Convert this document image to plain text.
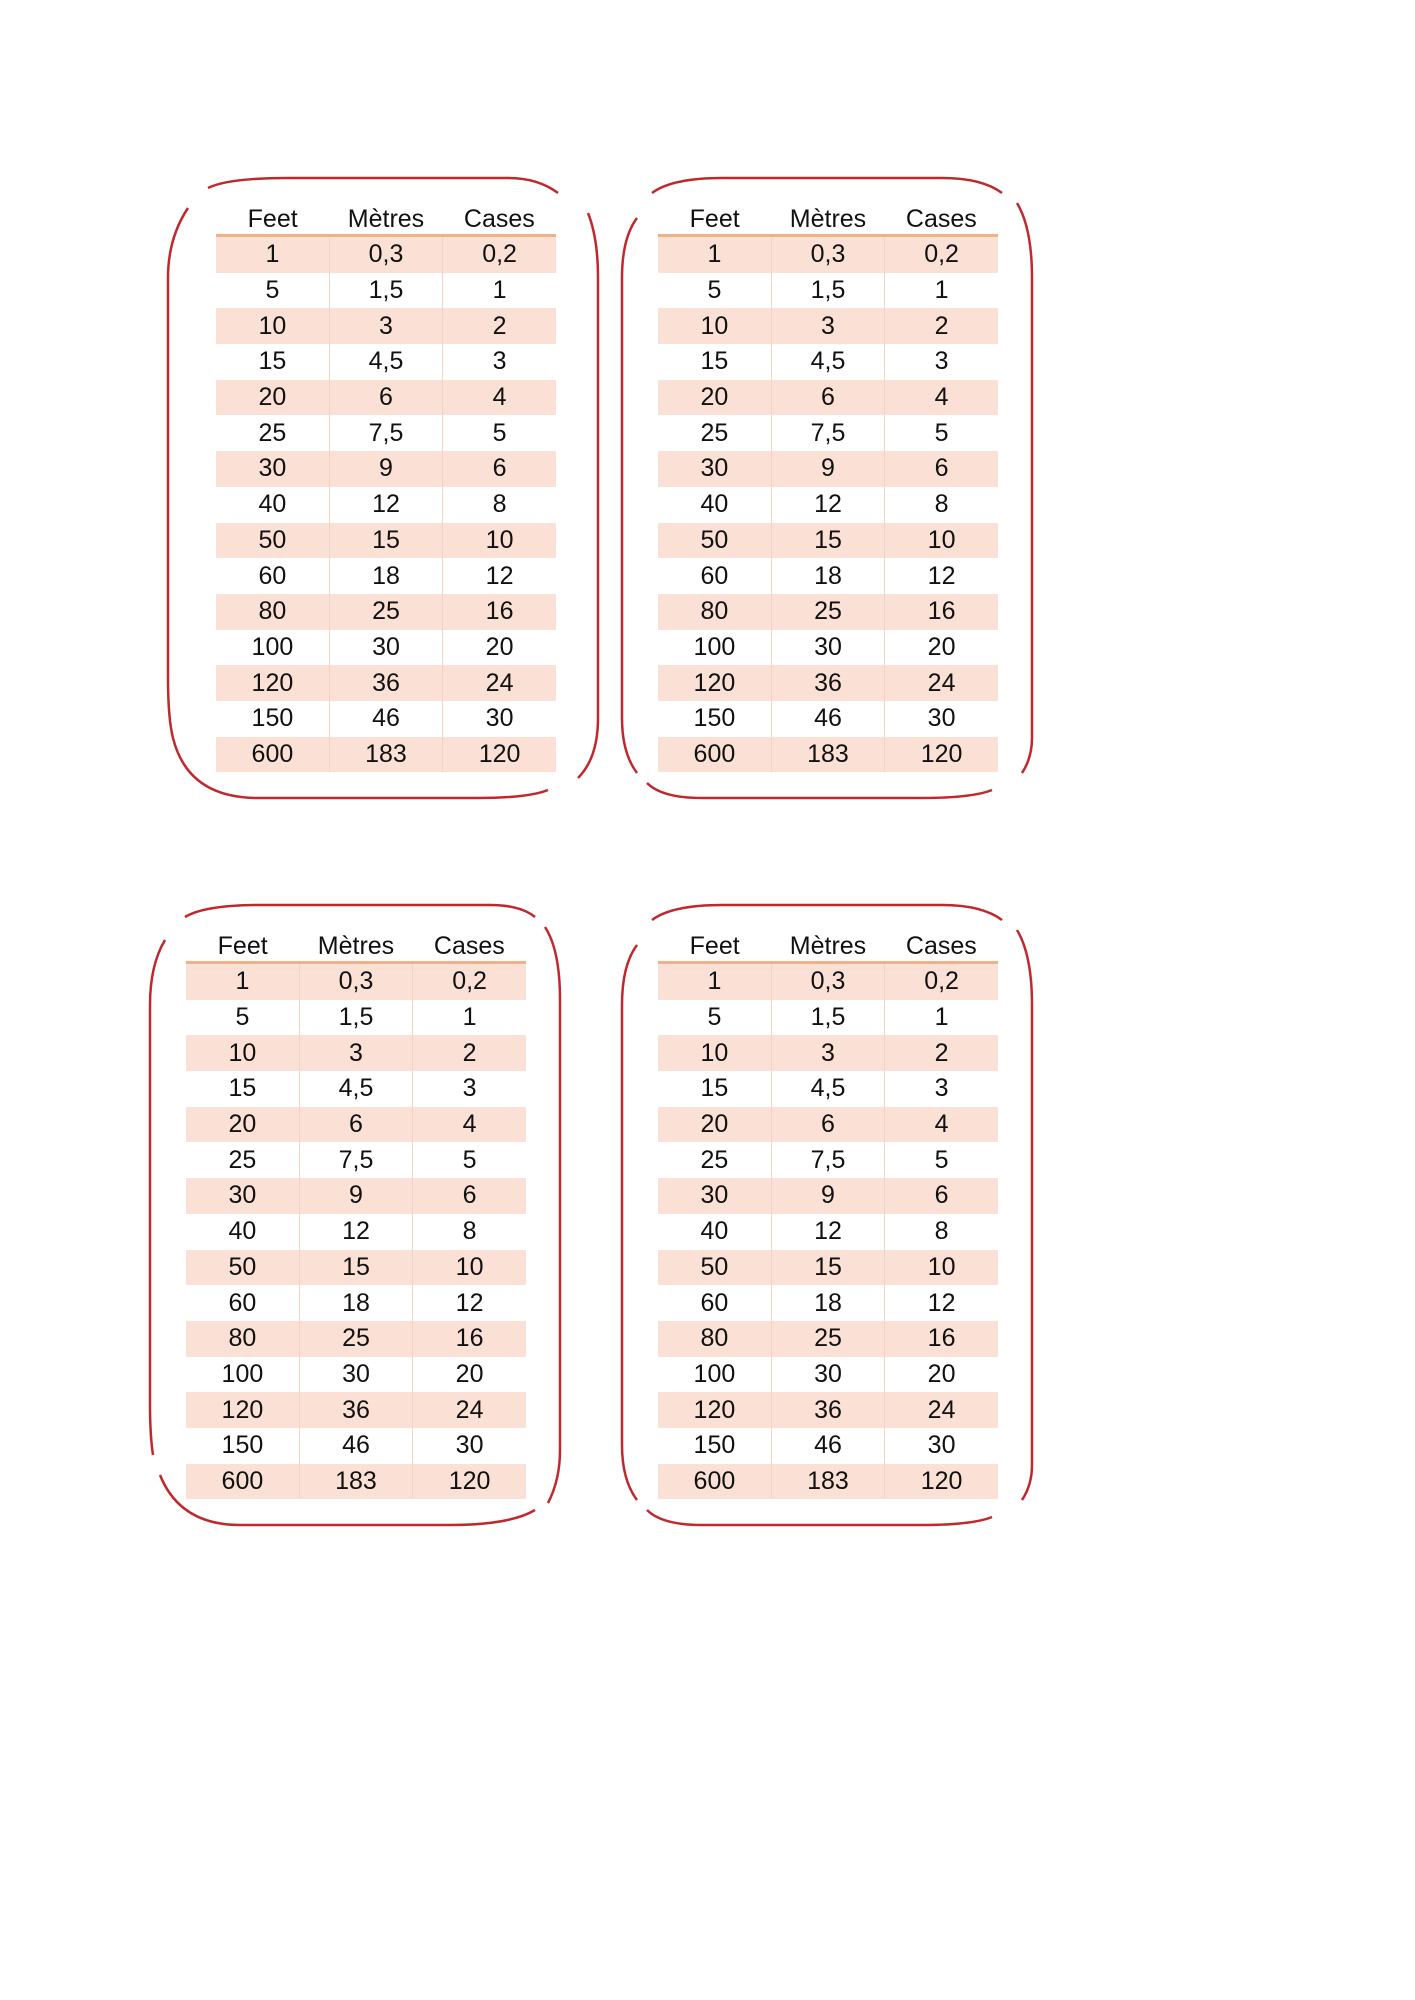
Feet	Mètres	Cases
1	0,3	0,2
5	1,5	1
10	3	2
15	4,5	3
20	6	4
25	7,5	5
30	9	6
40	12	8
50	15	10
60	18	12
80	25	16
100	30	20
120	36	24
150	46	30
600	183	120
Feet	Mètres	Cases
1	0,3	0,2
5	1,5	1
10	3	2
15	4,5	3
20	6	4
25	7,5	5
30	9	6
40	12	8
50	15	10
60	18	12
80	25	16
100	30	20
120	36	24
150	46	30
600	183	120
Feet	Mètres	Cases
1	0,3	0,2
5	1,5	1
10	3	2
15	4,5	3
20	6	4
25	7,5	5
30	9	6
40	12	8
50	15	10
60	18	12
80	25	16
100	30	20
120	36	24
150	46	30
600	183	120
Feet	Mètres	Cases
1	0,3	0,2
5	1,5	1
10	3	2
15	4,5	3
20	6	4
25	7,5	5
30	9	6
40	12	8
50	15	10
60	18	12
80	25	16
100	30	20
120	36	24
150	46	30
600	183	120
